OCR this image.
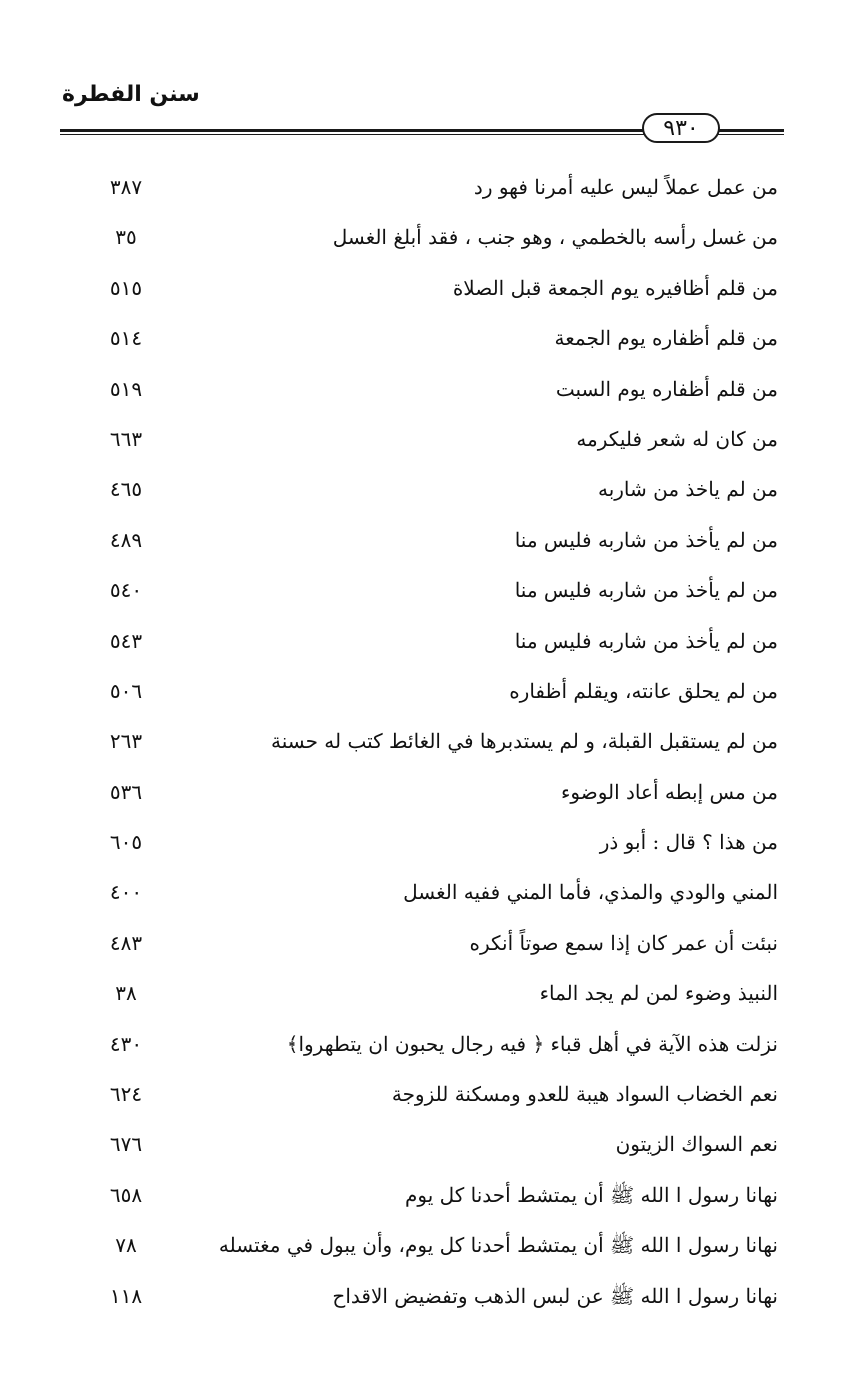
سنن الفطرة
٩٣٠
من عمل عملاً ليس عليه أمرنا فهو رد
٣٨٧
من غسل رأسه بالخطمي ، وهو جنب ، فقد أبلغ الغسل
٣٥
من قلم أظافيره يوم الجمعة قبل الصلاة
٥١٥
من قلم أظفاره يوم الجمعة
٥١٤
من قلم أظفاره يوم السبت
٥١٩
من كان له شعر فليكرمه
٦٦٣
من لم ياخذ من شاربه
٤٦٥
من لم يأخذ من شاربه فليس منا
٤٨٩
من لم يأخذ من شاربه فليس منا
٥٤٠
من لم يأخذ من شاربه فليس منا
٥٤٣
من لم يحلق عانته، ويقلم أظفاره
٥٠٦
من لم يستقبل القبلة، و لم يستدبرها في الغائط كتب له حسنة
٢٦٣
من مس إبطه أعاد الوضوء
٥٣٦
من هذا ؟ قال : أبو ذر
٦٠٥
المني والودي والمذي، فأما المني ففيه الغسل
٤٠٠
نبئت أن عمر كان إذا سمع صوتاً أنكره
٤٨٣
النبيذ وضوء لمن لم يجد الماء
٣٨
نزلت هذه الآية في أهل قباء ﴿ فيه رجال يحبون ان يتطهروا﴾
٤٣٠
نعم الخضاب السواد هيبة للعدو ومسكنة للزوجة
٦٢٤
نعم السواك الزيتون
٦٧٦
نهانا رسول ا الله ﷺ أن يمتشط أحدنا كل يوم
٦٥٨
نهانا رسول ا الله ﷺ أن يمتشط أحدنا كل يوم، وأن يبول في مغتسله
٧٨
نهانا رسول ا الله ﷺ عن لبس الذهب وتفضيض الاقداح
١١٨
